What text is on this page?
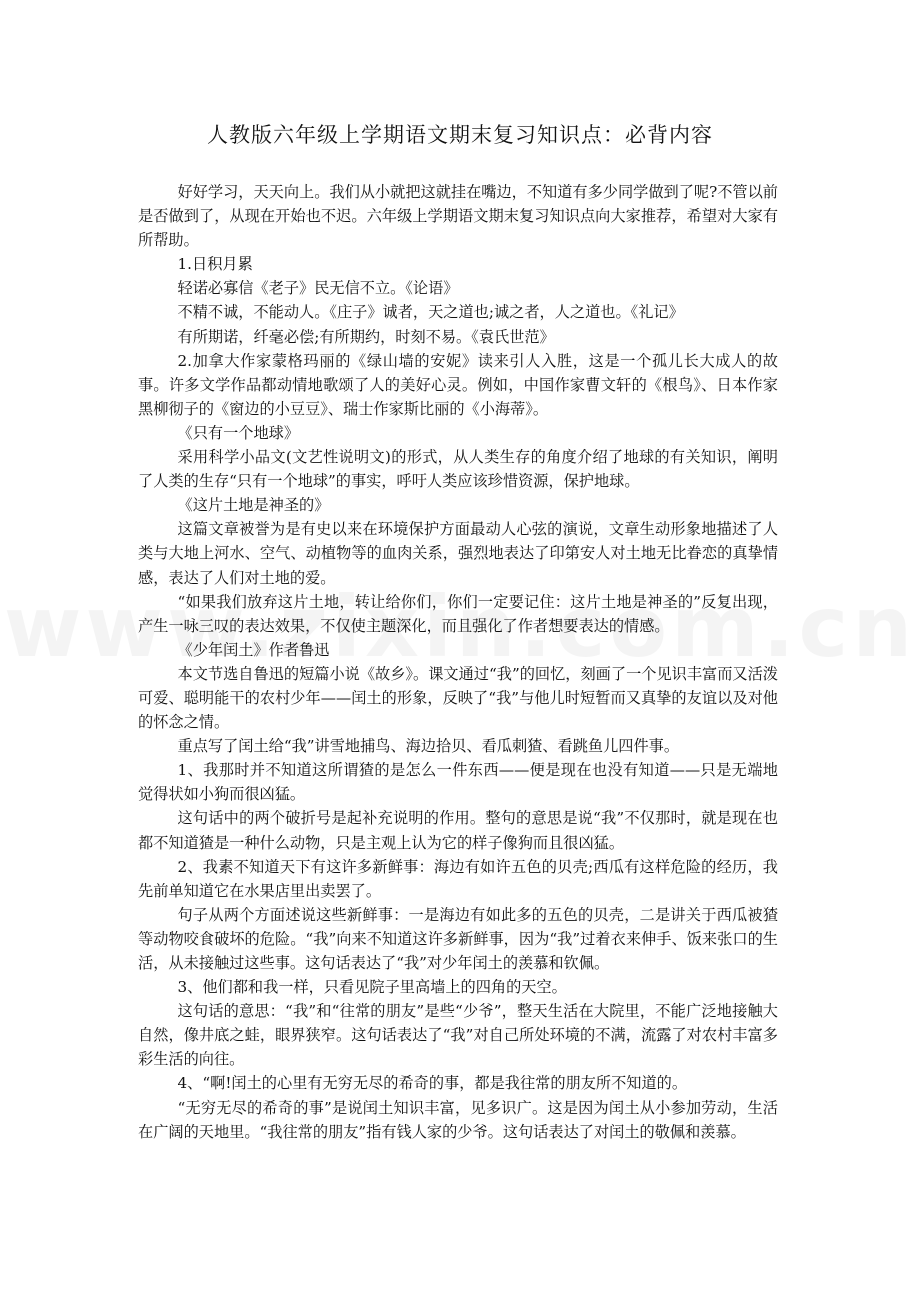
人教版六年级上学期语文期末复习知识点：必背内容

好好学习，天天向上。我们从小就把这就挂在嘴边，不知道有多少同学做到了呢?不管以前是否做到了，从现在开始也不迟。六年级上学期语文期末复习知识点向大家推荐，希望对大家有所帮助。

1.日积月累

轻诺必寡信《老子》民无信不立。《论语》

不精不诚，不能动人。《庄子》诚者，天之道也;诚之者，人之道也。《礼记》

有所期诺，纤毫必偿;有所期约，时刻不易。《袁氏世范》

2.加拿大作家蒙格玛丽的《绿山墙的安妮》读来引人入胜，这是一个孤儿长大成人的故事。许多文学作品都动情地歌颂了人的美好心灵。例如，中国作家曹文轩的《根鸟》、日本作家黑柳彻子的《窗边的小豆豆》、瑞士作家斯比丽的《小海蒂》。

《只有一个地球》

采用科学小品文(文艺性说明文)的形式，从人类生存的角度介绍了地球的有关知识，阐明了人类的生存“只有一个地球”的事实，呼吁人类应该珍惜资源，保护地球。

《这片土地是神圣的》

这篇文章被誉为是有史以来在环境保护方面最动人心弦的演说，文章生动形象地描述了人类与大地上河水、空气、动植物等的血肉关系，强烈地表达了印第安人对土地无比眷恋的真挚情感，表达了人们对土地的爱。

“如果我们放弃这片土地，转让给你们，你们一定要记住：这片土地是神圣的”反复出现，产生一咏三叹的表达效果，不仅使主题深化，而且强化了作者想要表达的情感。

《少年闰土》作者鲁迅

本文节选自鲁迅的短篇小说《故乡》。课文通过“我”的回忆，刻画了一个见识丰富而又活泼可爱、聪明能干的农村少年——闰土的形象，反映了“我”与他儿时短暂而又真挚的友谊以及对他的怀念之情。

重点写了闰土给“我”讲雪地捕鸟、海边拾贝、看瓜刺猹、看跳鱼儿四件事。

1、我那时并不知道这所谓猹的是怎么一件东西——便是现在也没有知道——只是无端地觉得状如小狗而很凶猛。

这句话中的两个破折号是起补充说明的作用。整句的意思是说“我”不仅那时，就是现在也都不知道猹是一种什么动物，只是主观上认为它的样子像狗而且很凶猛。

2、我素不知道天下有这许多新鲜事：海边有如许五色的贝壳;西瓜有这样危险的经历，我先前单知道它在水果店里出卖罢了。

句子从两个方面述说这些新鲜事：一是海边有如此多的五色的贝壳，二是讲关于西瓜被猹等动物咬食破坏的危险。“我”向来不知道这许多新鲜事，因为“我”过着衣来伸手、饭来张口的生活，从未接触过这些事。这句话表达了“我”对少年闰土的羡慕和钦佩。

3、他们都和我一样，只看见院子里高墙上的四角的天空。

这句话的意思：“我”和“往常的朋友”是些“少爷”，整天生活在大院里，不能广泛地接触大自然，像井底之蛙，眼界狭窄。这句话表达了“我”对自己所处环境的不满，流露了对农村丰富多彩生活的向往。

4、“啊!闰土的心里有无穷无尽的希奇的事，都是我往常的朋友所不知道的。

“无穷无尽的希奇的事”是说闰土知识丰富，见多识广。这是因为闰土从小参加劳动，生活在广阔的天地里。“我往常的朋友”指有钱人家的少爷。这句话表达了对闰土的敬佩和羡慕。
